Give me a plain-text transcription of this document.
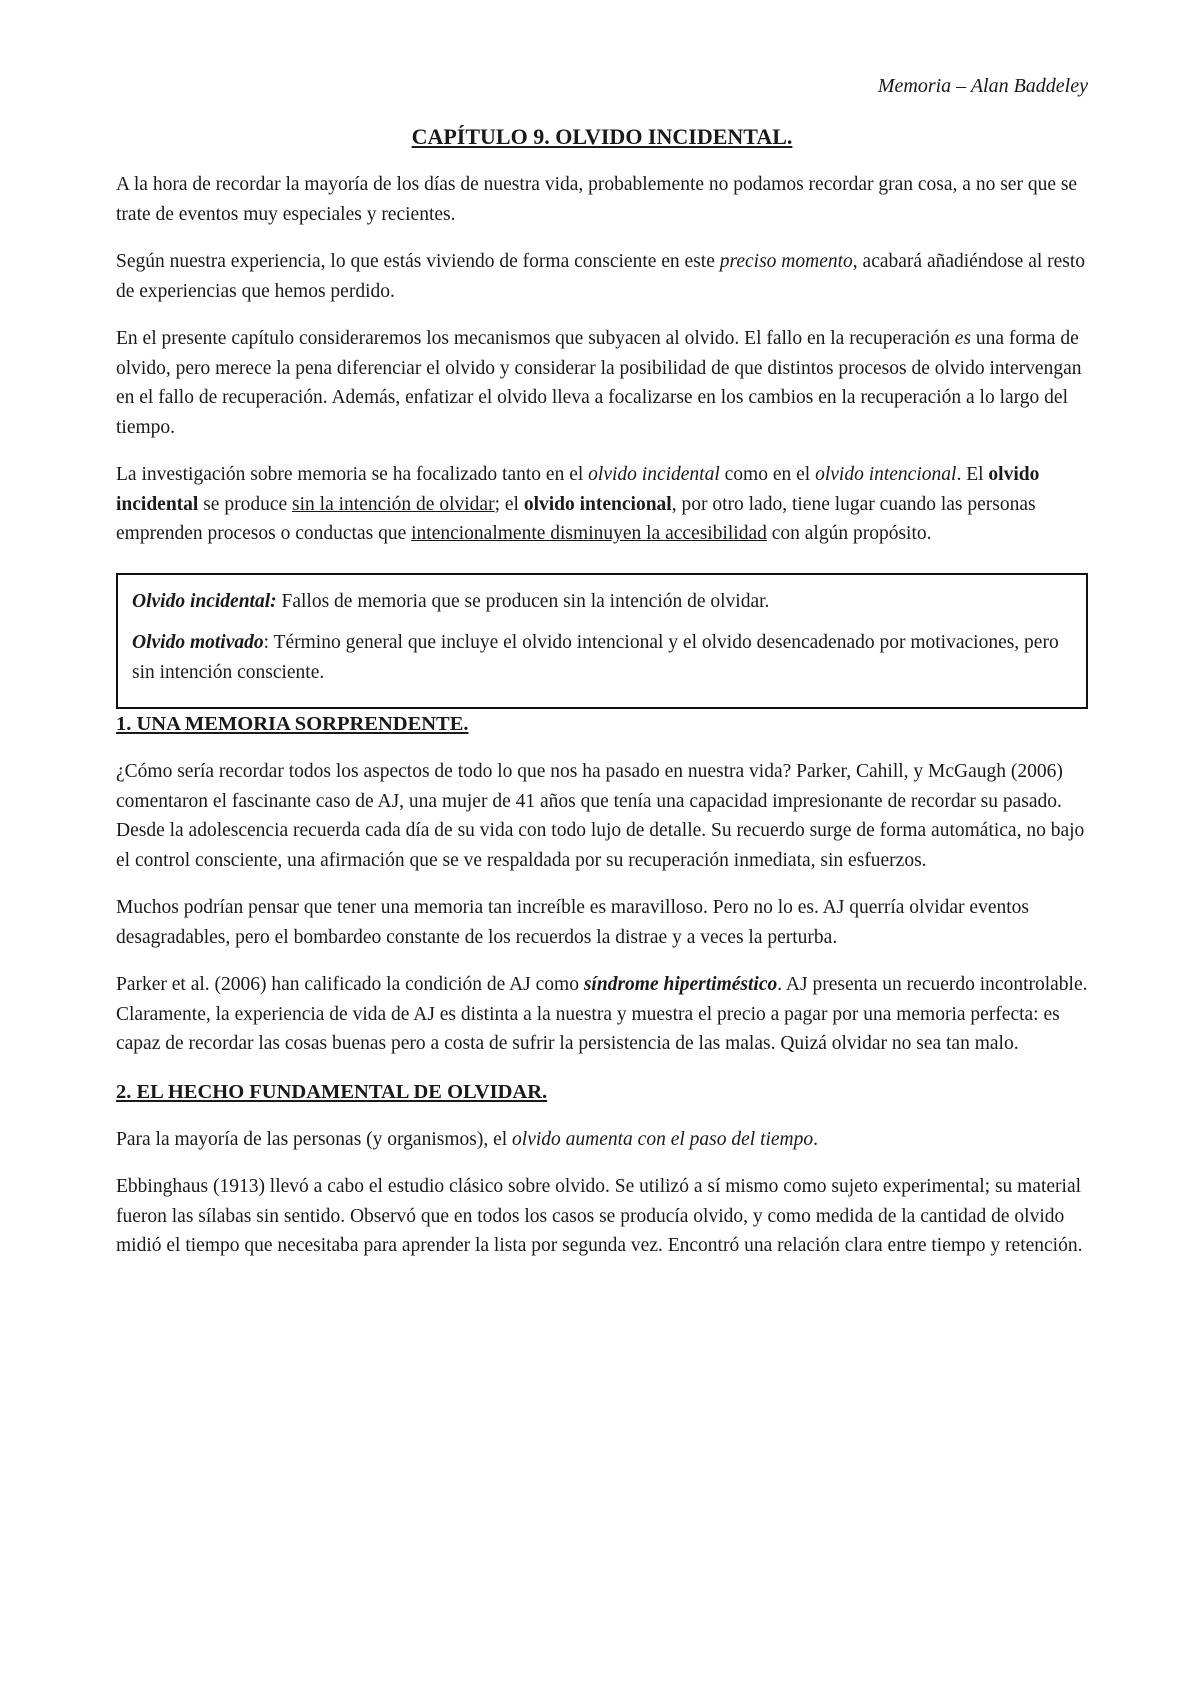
Memoria – Alan Baddeley
CAPÍTULO 9. OLVIDO INCIDENTAL.

A la hora de recordar la mayoría de los días de nuestra vida, probablemente no podamos recordar gran cosa, a no ser que se trate de eventos muy especiales y recientes.

Según nuestra experiencia, lo que estás viviendo de forma consciente en este preciso momento, acabará añadiéndose al resto de experiencias que hemos perdido.

En el presente capítulo consideraremos los mecanismos que subyacen al olvido. El fallo en la recuperación es una forma de olvido, pero merece la pena diferenciar el olvido y considerar la posibilidad de que distintos procesos de olvido intervengan en el fallo de recuperación. Además, enfatizar el olvido lleva a focalizarse en los cambios en la recuperación a lo largo del tiempo.

La investigación sobre memoria se ha focalizado tanto en el olvido incidental como en el olvido intencional. El olvido incidental se produce sin la intención de olvidar; el olvido intencional, por otro lado, tiene lugar cuando las personas emprenden procesos o conductas que intencionalmente disminuyen la accesibilidad con algún propósito.

Olvido incidental: Fallos de memoria que se producen sin la intención de olvidar.

Olvido motivado: Término general que incluye el olvido intencional y el olvido desencadenado por motivaciones, pero sin intención consciente.

1. UNA MEMORIA SORPRENDENTE.

¿Cómo sería recordar todos los aspectos de todo lo que nos ha pasado en nuestra vida? Parker, Cahill, y McGaugh (2006) comentaron el fascinante caso de AJ, una mujer de 41 años que tenía una capacidad impresionante de recordar su pasado. Desde la adolescencia recuerda cada día de su vida con todo lujo de detalle. Su recuerdo surge de forma automática, no bajo el control consciente, una afirmación que se ve respaldada por su recuperación inmediata, sin esfuerzos.

Muchos podrían pensar que tener una memoria tan increíble es maravilloso. Pero no lo es. AJ querría olvidar eventos desagradables, pero el bombardeo constante de los recuerdos la distrae y a veces la perturba.

Parker et al. (2006) han calificado la condición de AJ como síndrome hipertiméstico. AJ presenta un recuerdo incontrolable. Claramente, la experiencia de vida de AJ es distinta a la nuestra y muestra el precio a pagar por una memoria perfecta: es capaz de recordar las cosas buenas pero a costa de sufrir la persistencia de las malas. Quizá olvidar no sea tan malo.

2. EL HECHO FUNDAMENTAL DE OLVIDAR.

Para la mayoría de las personas (y organismos), el olvido aumenta con el paso del tiempo.

Ebbinghaus (1913) llevó a cabo el estudio clásico sobre olvido. Se utilizó a sí mismo como sujeto experimental; su material fueron las sílabas sin sentido. Observó que en todos los casos se producía olvido, y como medida de la cantidad de olvido midió el tiempo que necesitaba para aprender la lista por segunda vez. Encontró una relación clara entre tiempo y retención.
